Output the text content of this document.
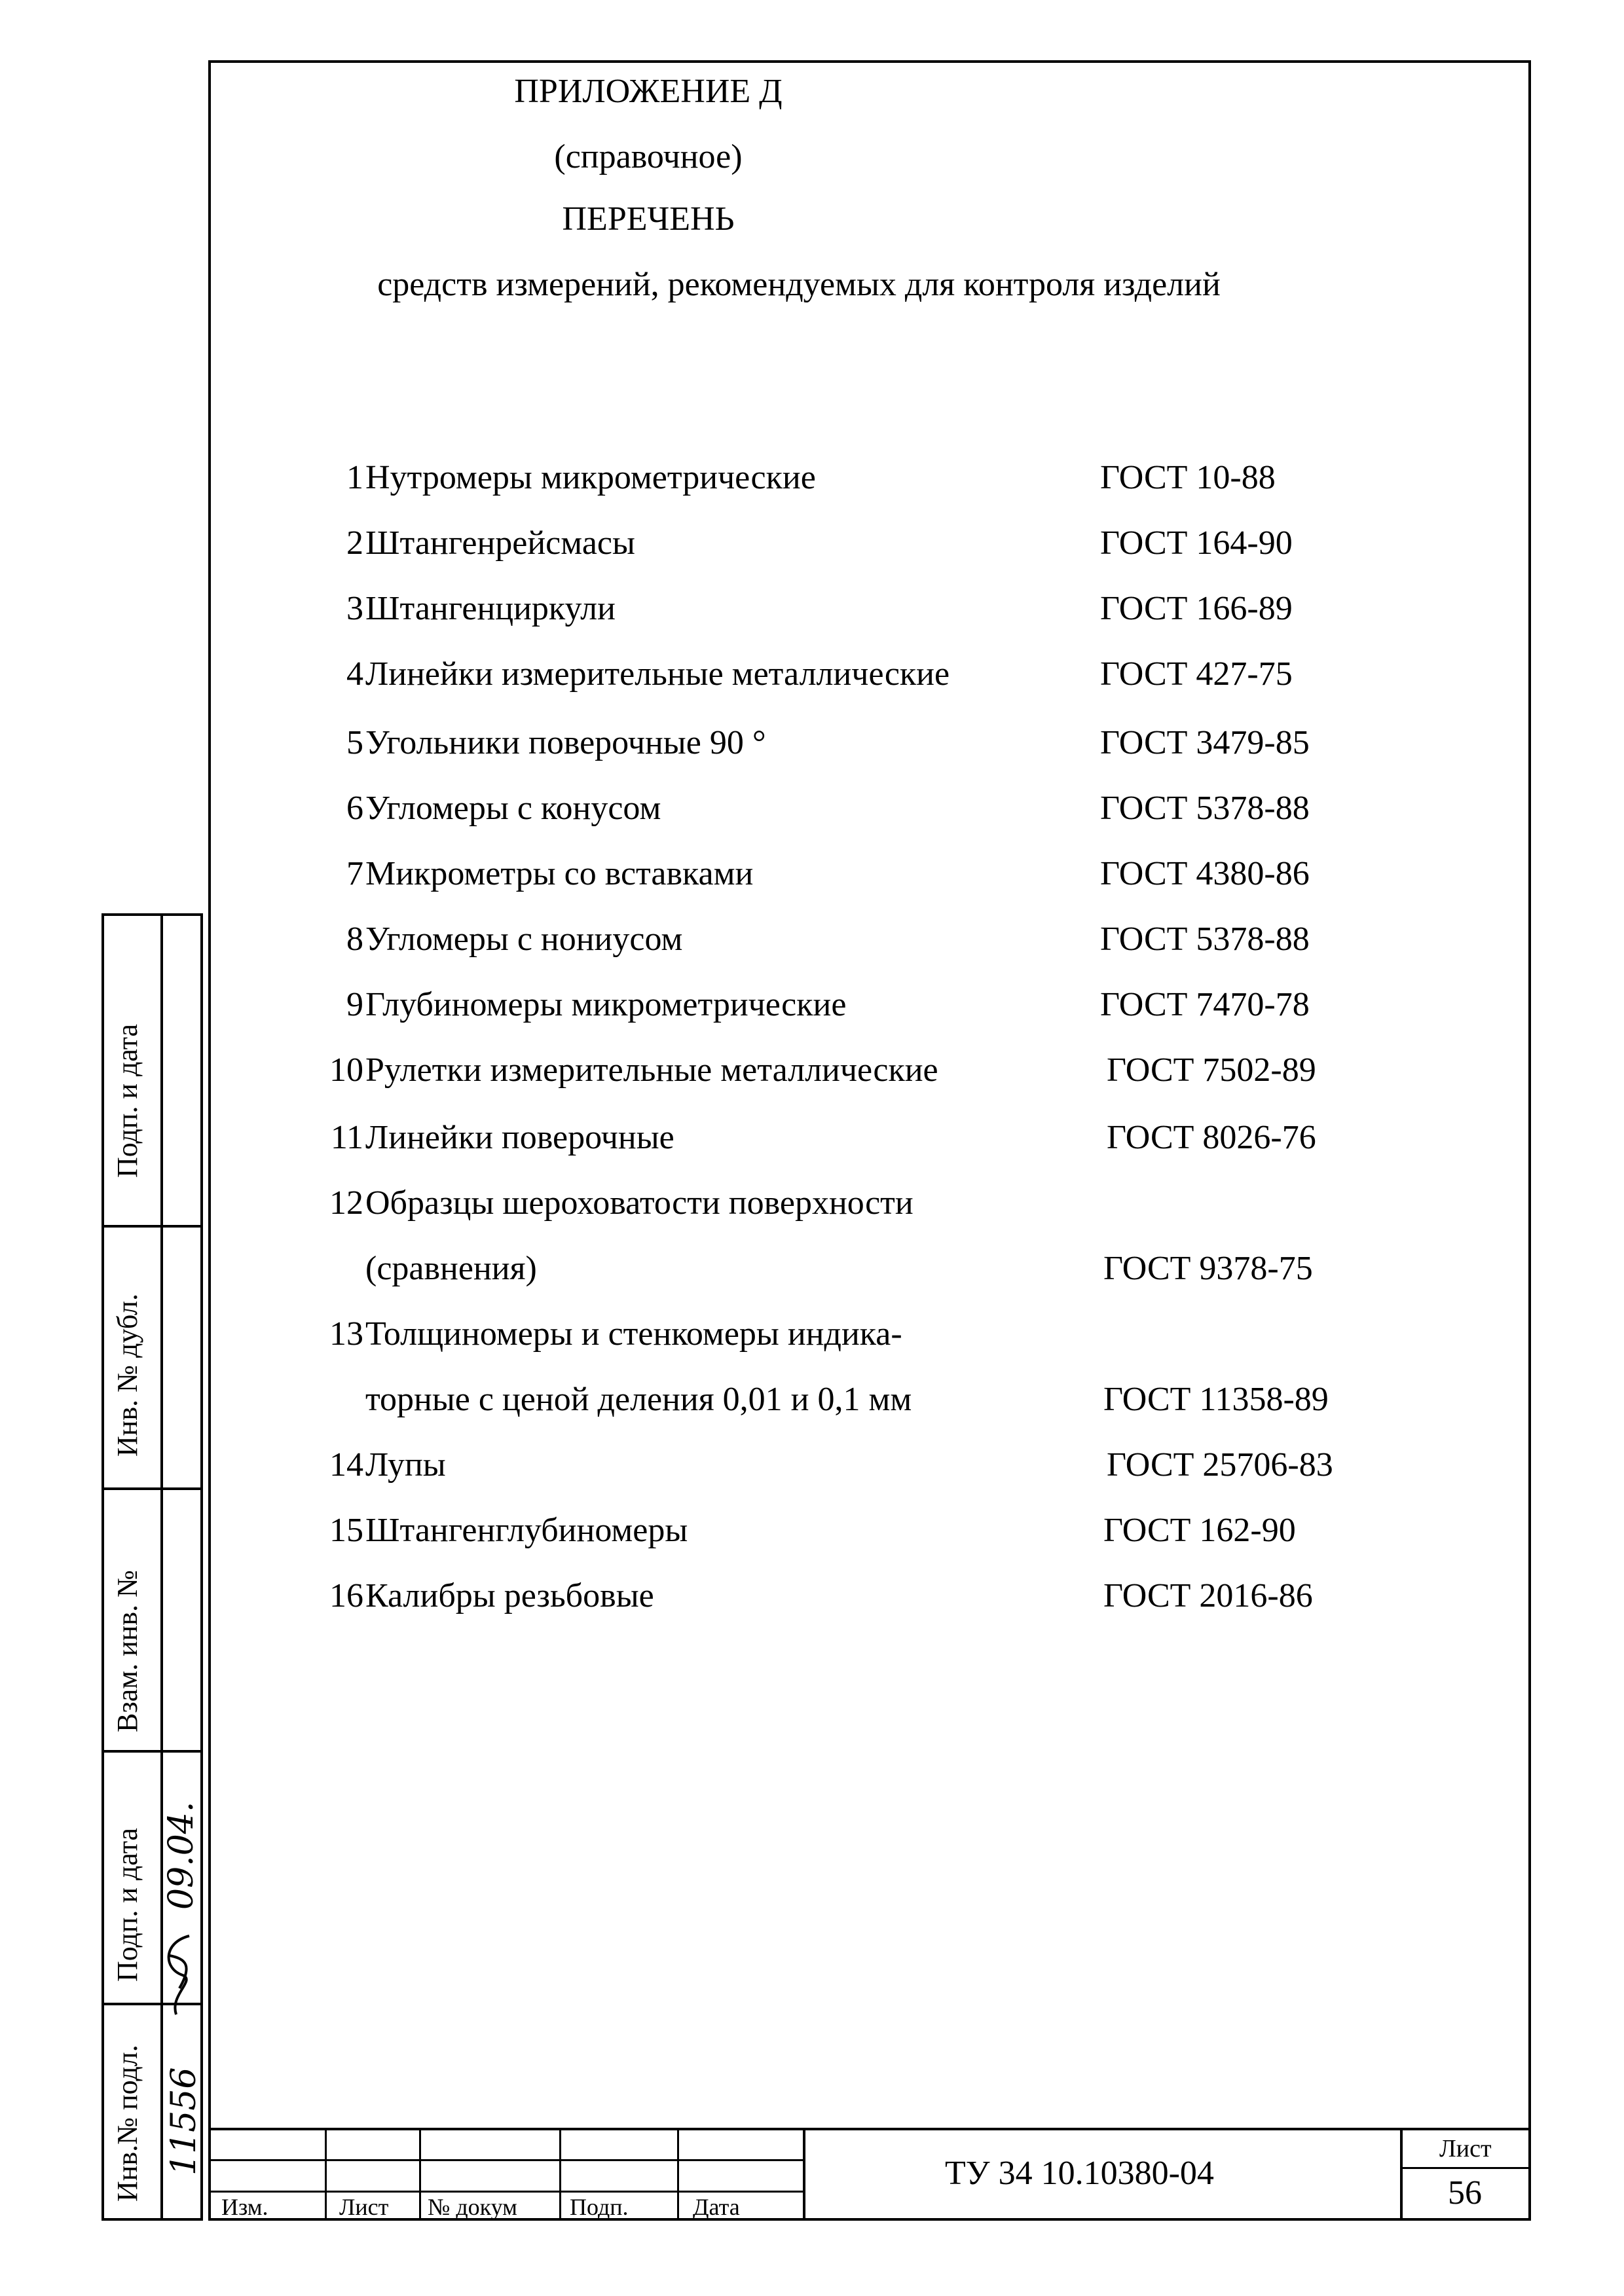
ПРИЛОЖЕНИЕ Д
(справочное)
ПЕРЕЧЕНЬ
средств измерений, рекомендуемых для контроля изделий
1 Нутромеры микрометрические	ГОСТ 10-88
2 Штангенрейсмасы	ГОСТ 164-90
3 Штангенциркули	ГОСТ 166-89
4 Линейки измерительные металлические	ГОСТ 427-75
5 Угольники поверочные 90 °	ГОСТ 3479-85
6 Угломеры с конусом	ГОСТ 5378-88
7 Микрометры со вставками	ГОСТ 4380-86
8 Угломеры с нониусом	ГОСТ 5378-88
9 Глубиномеры микрометрические	ГОСТ 7470-78
10 Рулетки измерительные металлические	ГОСТ 7502-89
11 Линейки поверочные	ГОСТ 8026-76
12 Образцы шероховатости поверхности
(сравнения)	ГОСТ 9378-75
13 Толщиномеры и стенкомеры индика-
торные с ценой деления 0,01 и 0,1 мм	ГОСТ 11358-89
14 Лупы	ГОСТ 25706-83
15 Штангенглубиномеры	ГОСТ 162-90
16 Калибры резьбовые	ГОСТ 2016-86
Подп. и дата
Инв. № дубл.
Взам. инв. №
Подп. и дата 09.04.
Инв.№ подл. 11556
Изм.	Лист № докум Подп.	Дата
ТУ 34 10.10380-04
Лист
56
